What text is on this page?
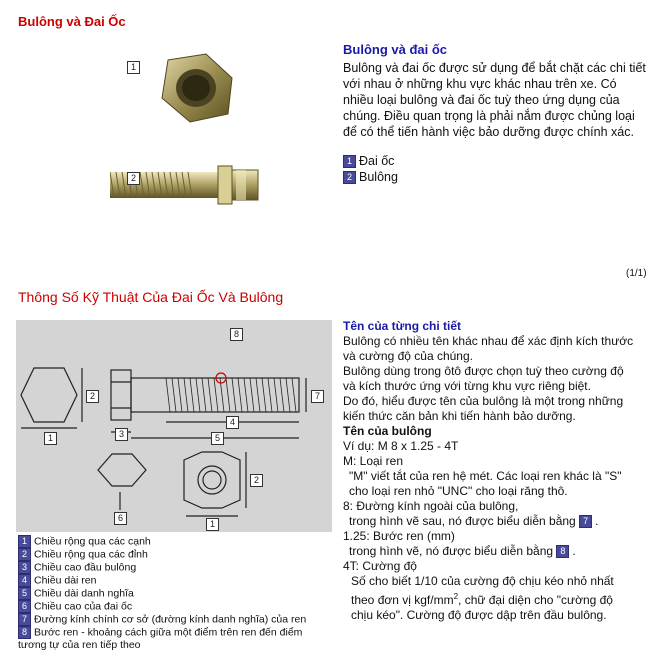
Bulông và Đai Ốc
1
2
Bulông và đai ốc
Bulông và đai ốc được sử dụng để bắt chặt các chi tiết với nhau ở những khu vực khác nhau trên xe. Có nhiều loại bulông và đai ốc tuỳ theo ứng dụng của chúng. Điều quan trọng là phải nắm được chủng loại để có thể tiến hành việc bảo dưỡng được chính xác.
1 Đai ốc
2 Bulông
(1/1)
Thông Số Kỹ Thuật Của Đai Ốc Và Bulông
1
2
3
4
5
6
7
8
1
2
1 Chiều rộng qua các cạnh
2 Chiều rộng qua các đỉnh
3 Chiều cao đầu bulông
4 Chiều dài ren
5 Chiều dài danh nghĩa
6 Chiều cao của đai ốc
7 Đường kính chính cơ sở (đường kính danh nghĩa) của ren
8 Bước ren - khoảng cách giữa một điểm trên ren đến điểm
tương tự của ren tiếp theo
Tên của từng chi tiết
Bulông có nhiều tên khác nhau để xác định kích thước
và cường độ của chúng.
Bulông dùng trong ôtô được chọn tuỳ theo cường độ
và kích thước ứng với từng khu vực riêng biệt.
Do đó, hiểu được tên của bulông là một trong những
kiến thức căn bản khi tiến hành bảo dưỡng.
Tên của bulông
Ví dụ: M 8 x 1.25 - 4T
M: Loại ren
"M" viết tắt của ren hệ mét. Các loại ren khác là "S"
cho loại ren nhỏ "UNC" cho loại răng thô.
8: Đường kính ngoài của bulông,
trong hình vẽ sau, nó được biểu diễn bằng 7 .
1.25: Bước ren (mm)
trong hình vẽ, nó được biểu diễn bằng 8 .
4T: Cường độ
Số cho biết 1/10 của cường độ chịu kéo nhỏ nhất
theo đơn vị kgf/$mm^2$, chữ đại diện cho "cường độ
chịu kéo". Cường độ được dập trên đầu bulông.
